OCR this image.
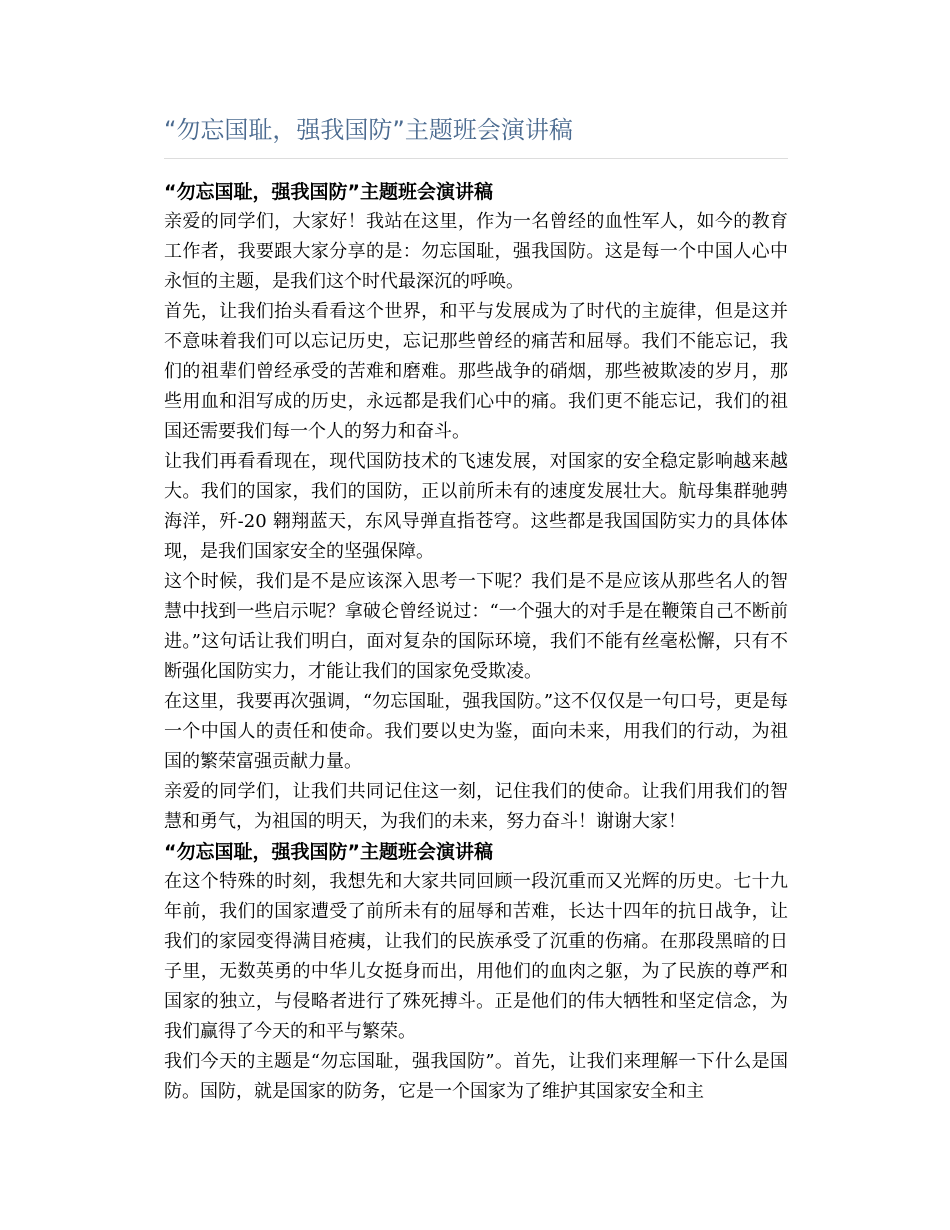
“勿忘国耻，强我国防”主题班会演讲稿
“勿忘国耻，强我国防”主题班会演讲稿

亲爱的同学们，大家好！我站在这里，作为一名曾经的血性军人，如今的教育工作者，我要跟大家分享的是：勿忘国耻，强我国防。这是每一个中国人心中永恒的主题，是我们这个时代最深沉的呼唤。

首先，让我们抬头看看这个世界，和平与发展成为了时代的主旋律，但是这并不意味着我们可以忘记历史，忘记那些曾经的痛苦和屈辱。我们不能忘记，我们的祖辈们曾经承受的苦难和磨难。那些战争的硝烟，那些被欺凌的岁月，那些用血和泪写成的历史，永远都是我们心中的痛。我们更不能忘记，我们的祖国还需要我们每一个人的努力和奋斗。

让我们再看看现在，现代国防技术的飞速发展，对国家的安全稳定影响越来越大。我们的国家，我们的国防，正以前所未有的速度发展壮大。航母集群驰骋海洋，歼-20 翱翔蓝天，东风导弹直指苍穹。这些都是我国国防实力的具体体现，是我们国家安全的坚强保障。

这个时候，我们是不是应该深入思考一下呢？我们是不是应该从那些名人的智慧中找到一些启示呢？拿破仑曾经说过：“一个强大的对手是在鞭策自己不断前进。”这句话让我们明白，面对复杂的国际环境，我们不能有丝毫松懈，只有不断强化国防实力，才能让我们的国家免受欺凌。

在这里，我要再次强调，“勿忘国耻，强我国防。”这不仅仅是一句口号，更是每一个中国人的责任和使命。我们要以史为鉴，面向未来，用我们的行动，为祖国的繁荣富强贡献力量。

亲爱的同学们，让我们共同记住这一刻，记住我们的使命。让我们用我们的智慧和勇气，为祖国的明天，为我们的未来，努力奋斗！谢谢大家！

“勿忘国耻，强我国防”主题班会演讲稿

在这个特殊的时刻，我想先和大家共同回顾一段沉重而又光辉的历史。七十九年前，我们的国家遭受了前所未有的屈辱和苦难，长达十四年的抗日战争，让我们的家园变得满目疮痍，让我们的民族承受了沉重的伤痛。在那段黑暗的日子里，无数英勇的中华儿女挺身而出，用他们的血肉之躯，为了民族的尊严和国家的独立，与侵略者进行了殊死搏斗。正是他们的伟大牺牲和坚定信念，为我们赢得了今天的和平与繁荣。

我们今天的主题是“勿忘国耻，强我国防”。首先，让我们来理解一下什么是国防。国防，就是国家的防务，它是一个国家为了维护其国家安全和主
